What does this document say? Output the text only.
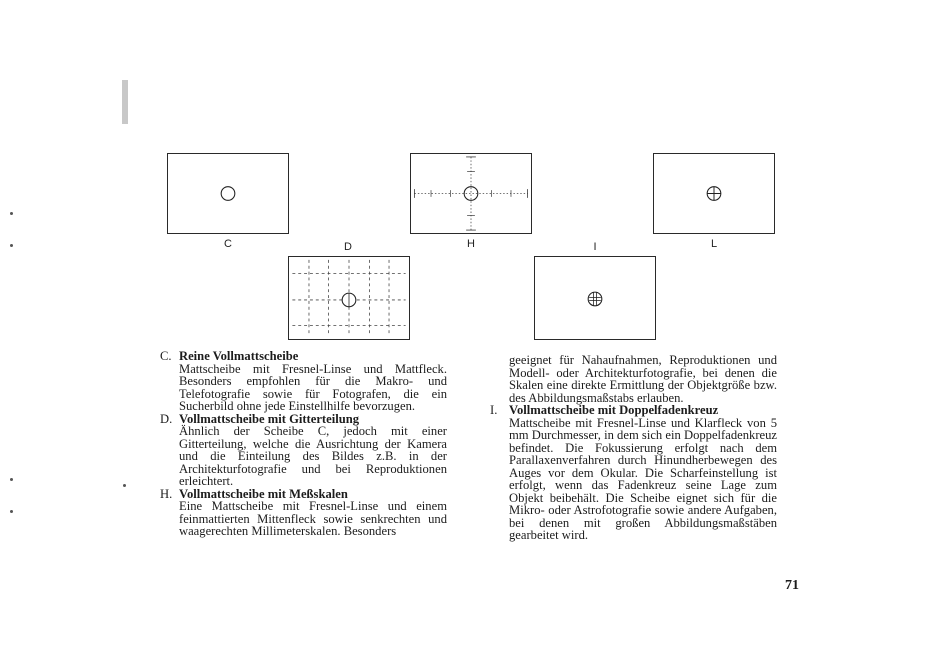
C	H	L
D	I
C. Reine Vollmattscheibe
Mattscheibe mit Fresnel-Linse und Mattfleck. Besonders empfohlen für die Makro- und Telefotografie sowie für Fotografen, die ein Sucherbild ohne jede Einstellhilfe bevorzugen.
D. Vollmattscheibe mit Gitterteilung
Ähnlich der Scheibe C, jedoch mit einer Gitterteilung, welche die Ausrichtung der Kamera und die Einteilung des Bildes z.B. in der Architekturfotografie und bei Reproduktionen erleichtert.
H. Vollmattscheibe mit Meßskalen
Eine Mattscheibe mit Fresnel-Linse und einem feinmattierten Mittenfleck sowie senkrechten und waagerechten Millimeterskalen. Besonders
geeignet für Nahaufnahmen, Reproduktionen und Modell- oder Architekturfotografie, bei denen die Skalen eine direkte Ermittlung der Objektgröße bzw. des Abbildungsmaßstabs erlauben.
I. Vollmattscheibe mit Doppelfadenkreuz
Mattscheibe mit Fresnel-Linse und Klarfleck von 5 mm Durchmesser, in dem sich ein Doppelfadenkreuz befindet. Die Fokussierung erfolgt nach dem Parallaxenverfahren durch Hinundherbewegen des Auges vor dem Okular. Die Scharfeinstellung ist erfolgt, wenn das Fadenkreuz seine Lage zum Objekt beibehält. Die Scheibe eignet sich für die Mikro- oder Astrofotografie sowie andere Aufgaben, bei denen mit großen Abbildungsmaßstäben gearbeitet wird.
71
